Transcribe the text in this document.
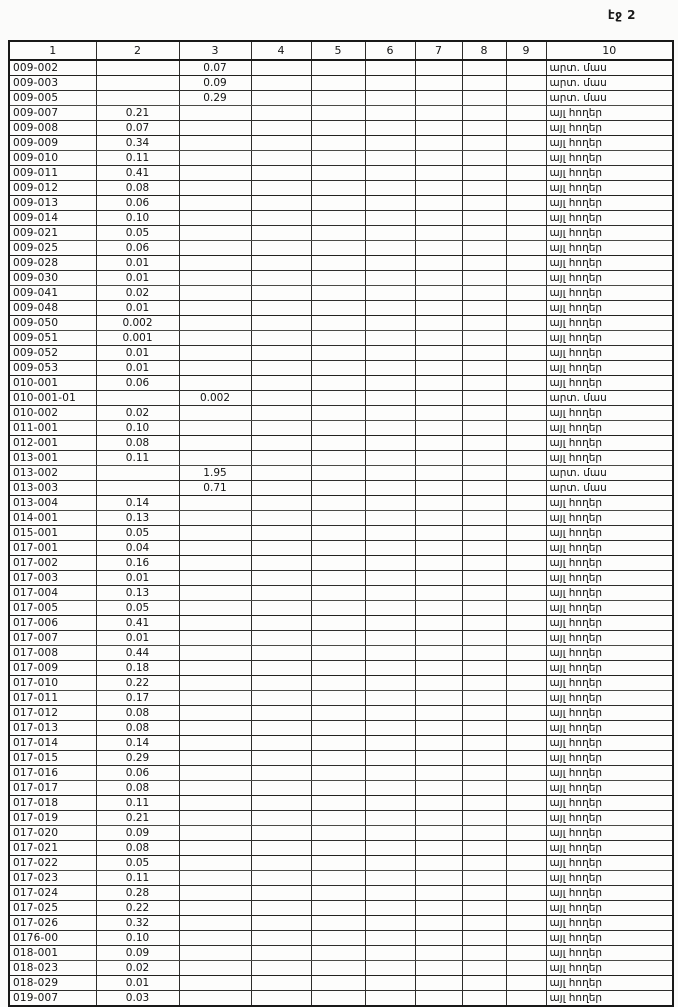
էջ 2
1	2	3	4	5	6	7	8	9	10
009-002		0.07							արտ. մաս
009-003		0.09							արտ. մաս
009-005		0.29							արտ. մաս
009-007	0.21								այլ հողեր
009-008	0.07								այլ հողեր
009-009	0.34								այլ հողեր
009-010	0.11								այլ հողեր
009-011	0.41								այլ հողեր
009-012	0.08								այլ հողեր
009-013	0.06								այլ հողեր
009-014	0.10								այլ հողեր
009-021	0.05								այլ հողեր
009-025	0.06								այլ հողեր
009-028	0.01								այլ հողեր
009-030	0.01								այլ հողեր
009-041	0.02								այլ հողեր
009-048	0.01								այլ հողեր
009-050	0.002								այլ հողեր
009-051	0.001								այլ հողեր
009-052	0.01								այլ հողեր
009-053	0.01								այլ հողեր
010-001	0.06								այլ հողեր
010-001-01		0.002							արտ. մաս
010-002	0.02								այլ հողեր
011-001	0.10								այլ հողեր
012-001	0.08								այլ հողեր
013-001	0.11								այլ հողեր
013-002		1.95							արտ. մաս
013-003		0.71							արտ. մաս
013-004	0.14								այլ հողեր
014-001	0.13								այլ հողեր
015-001	0.05								այլ հողեր
017-001	0.04								այլ հողեր
017-002	0.16								այլ հողեր
017-003	0.01								այլ հողեր
017-004	0.13								այլ հողեր
017-005	0.05								այլ հողեր
017-006	0.41								այլ հողեր
017-007	0.01								այլ հողեր
017-008	0.44								այլ հողեր
017-009	0.18								այլ հողեր
017-010	0.22								այլ հողեր
017-011	0.17								այլ հողեր
017-012	0.08								այլ հողեր
017-013	0.08								այլ հողեր
017-014	0.14								այլ հողեր
017-015	0.29								այլ հողեր
017-016	0.06								այլ հողեր
017-017	0.08								այլ հողեր
017-018	0.11								այլ հողեր
017-019	0.21								այլ հողեր
017-020	0.09								այլ հողեր
017-021	0.08								այլ հողեր
017-022	0.05								այլ հողեր
017-023	0.11								այլ հողեր
017-024	0.28								այլ հողեր
017-025	0.22								այլ հողեր
017-026	0.32								այլ հողեր
0176-00	0.10								այլ հողեր
018-001	0.09								այլ հողեր
018-023	0.02								այլ հողեր
018-029	0.01								այլ հողեր
019-007	0.03								այլ հողեր
